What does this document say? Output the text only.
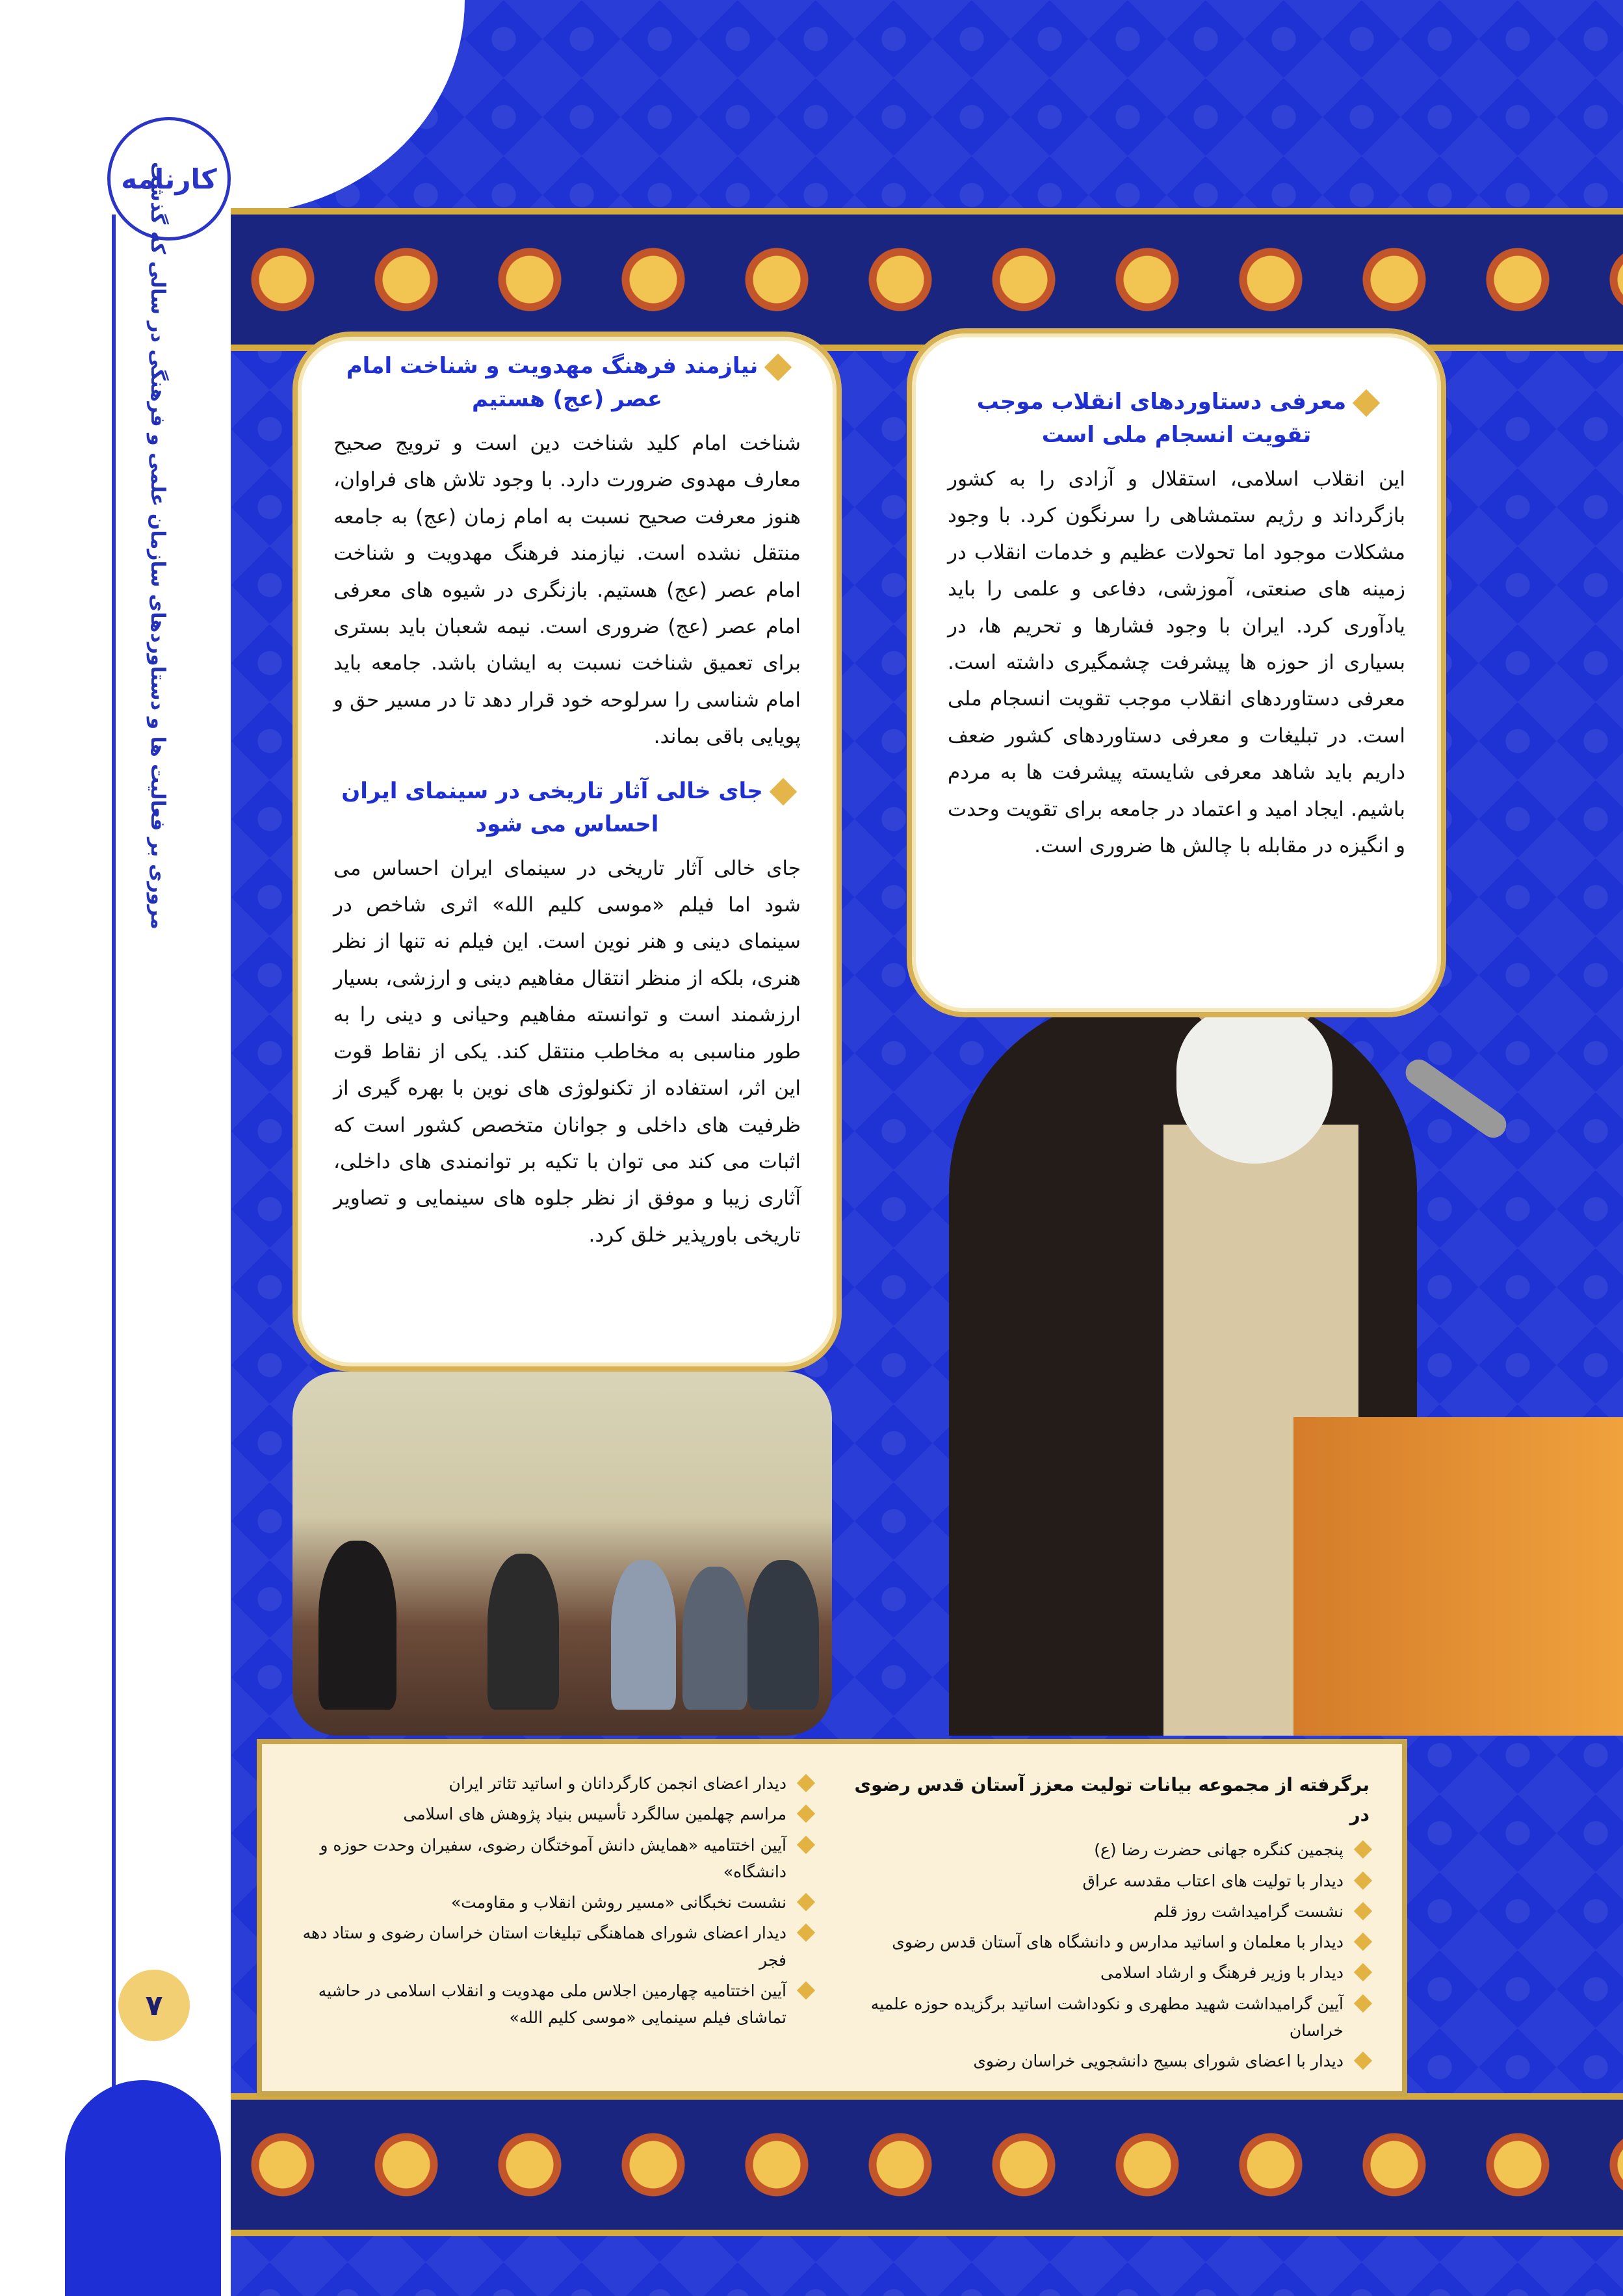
کارنامه
مروری بر فعالیت ها و دستاوردهای سازمان علمی و فرهنگی در سالی که گذشت
۷
معرفی دستاوردهای انقلاب موجب تقویت انسجام ملی است

این انقلاب اسلامی، استقلال و آزادی را به کشور بازگرداند و رژیم ستمشاهی را سرنگون کرد. با وجود مشکلات موجود اما تحولات عظیم و خدمات انقلاب در زمینه های صنعتی، آموزشی، دفاعی و علمی را باید یادآوری کرد. ایران با وجود فشارها و تحریم ها، در بسیاری از حوزه ها پیشرفت چشمگیری داشته است. معرفی دستاوردهای انقلاب موجب تقویت انسجام ملی است. در تبلیغات و معرفی دستاوردهای کشور ضعف داریم باید شاهد معرفی شایسته پیشرفت ها به مردم باشیم. ایجاد امید و اعتماد در جامعه برای تقویت وحدت و انگیزه در مقابله با چالش ها ضروری است.

نیازمند فرهنگ مهدویت و شناخت امام عصر (عج) هستیم

شناخت امام کلید شناخت دین است و ترویج صحیح معارف مهدوی ضرورت دارد. با وجود تلاش های فراوان، هنوز معرفت صحیح نسبت به امام زمان (عج) به جامعه منتقل نشده است. نیازمند فرهنگ مهدویت و شناخت امام عصر (عج) هستیم. بازنگری در شیوه های معرفی امام عصر (عج) ضروری است. نیمه شعبان باید بستری برای تعمیق شناخت نسبت به ایشان باشد. جامعه باید امام شناسی را سرلوحه خود قرار دهد تا در مسیر حق و پویایی باقی بماند.

جای خالی آثار تاریخی در سینمای ایران احساس می شود

جای خالی آثار تاریخی در سینمای ایران احساس می شود اما فیلم «موسی کلیم الله» اثری شاخص در سینمای دینی و هنر نوین است. این فیلم نه تنها از نظر هنری، بلکه از منظر انتقال مفاهیم دینی و ارزشی، بسیار ارزشمند است و توانسته مفاهیم وحیانی و دینی را به طور مناسبی به مخاطب منتقل کند. یکی از نقاط قوت این اثر، استفاده از تکنولوژی های نوین با بهره گیری از ظرفیت های داخلی و جوانان متخصص کشور است که اثبات می کند می توان با تکیه بر توانمندی های داخلی، آثاری زیبا و موفق از نظر جلوه های سینمایی و تصاویر تاریخی باورپذیر خلق کرد.

برگرفته از مجموعه بیانات تولیت معزز آستان قدس رضوی در
پنجمین کنگره جهانی حضرت رضا (ع)
دیدار با تولیت های اعتاب مقدسه عراق
نشست گرامیداشت روز قلم
دیدار با معلمان و اساتید مدارس و دانشگاه های آستان قدس رضوی
دیدار با وزیر فرهنگ و ارشاد اسلامی
آیین گرامیداشت شهید مطهری و نکوداشت اساتید برگزیده حوزه علمیه خراسان
دیدار با اعضای شورای بسیج دانشجویی خراسان رضوی
دیدار اعضای انجمن کارگردانان و اساتید تئاتر ایران
مراسم چهلمین سالگرد تأسیس بنیاد پژوهش های اسلامی
آیین اختتامیه «همایش دانش آموختگان رضوی، سفیران وحدت حوزه و دانشگاه»
نشست نخبگانی «مسیر روشن انقلاب و مقاومت»
دیدار اعضای شورای هماهنگی تبلیغات استان خراسان رضوی و ستاد دهه فجر
آیین اختتامیه چهارمین اجلاس ملی مهدویت و انقلاب اسلامی در حاشیه تماشای فیلم سینمایی «موسی کلیم الله»
